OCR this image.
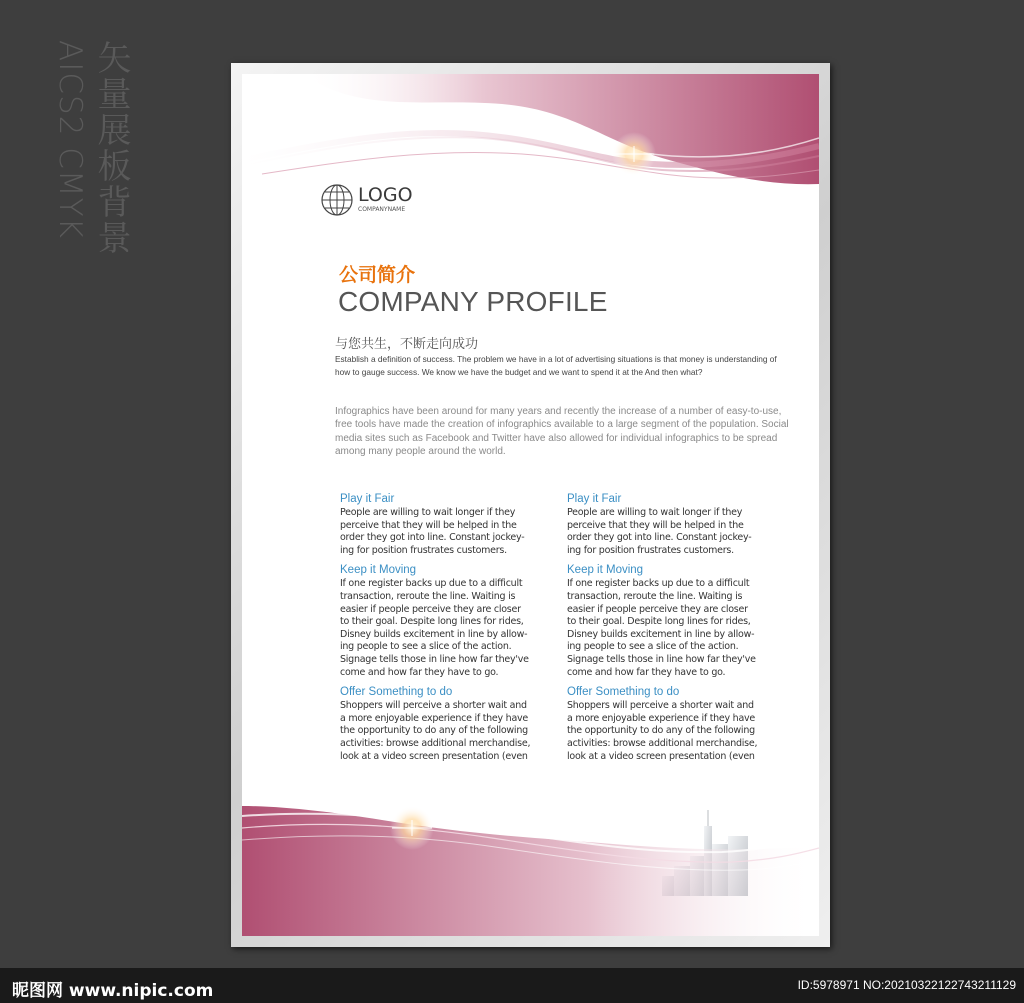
矢量展板背景
AICS2 CMYK	LOGO
COMPANYNAME
公司简介
COMPANY PROFILE
与您共生，不断走向成功
Establish a definition of success. The problem we have in a lot of advertising situations is that money is understanding of how to gauge success. We know we have the budget and we want to spend it at the And then what?
Infographics have been around for many years and recently the increase of a number of easy-to-use, free tools have made the creation of infographics available to a large segment of the population. Social media sites such as Facebook and Twitter have also allowed for individual infographics to be spread among many people around the world.
Play it Fair
People are willing to wait longer if they
perceive that they will be helped in the
order they got into line. Constant jockey-
ing for position frustrates customers.
Keep it Moving
If one register backs up due to a difficult
transaction, reroute the line. Waiting is
easier if people perceive they are closer
to their goal. Despite long lines for rides,
Disney builds excitement in line by allow-
ing people to see a slice of the action.
Signage tells those in line how far they've
come and how far they have to go.
Offer Something to do
Shoppers will perceive a shorter wait and
a more enjoyable experience if they have
the opportunity to do any of the following
activities: browse additional merchandise,
look at a video screen presentation (even
Play it Fair
People are willing to wait longer if they
perceive that they will be helped in the
order they got into line. Constant jockey-
ing for position frustrates customers.
Keep it Moving
If one register backs up due to a difficult
transaction, reroute the line. Waiting is
easier if people perceive they are closer
to their goal. Despite long lines for rides,
Disney builds excitement in line by allow-
ing people to see a slice of the action.
Signage tells those in line how far they've
come and how far they have to go.
Offer Something to do
Shoppers will perceive a shorter wait and
a more enjoyable experience if they have
the opportunity to do any of the following
activities: browse additional merchandise,
look at a video screen presentation (even
昵图网 www.nipic.com	ID:5978971 NO:20210322122743211129
